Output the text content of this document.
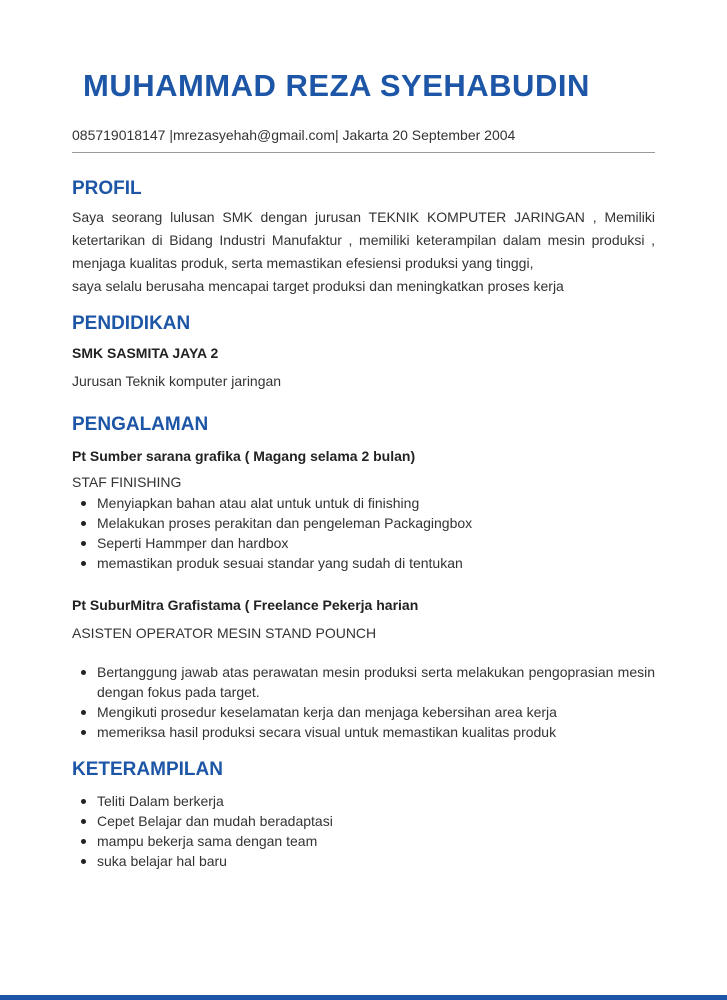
MUHAMMAD REZA SYEHABUDIN
085719018147 |mrezasyehah@gmail.com| Jakarta 20 September 2004
PROFIL

Saya seorang lulusan SMK dengan jurusan TEKNIK KOMPUTER JARINGAN , Memiliki ketertarikan di Bidang Industri Manufaktur , memiliki keterampilan dalam mesin produksi , menjaga kualitas produk, serta memastikan efesiensi produksi yang tinggi,

saya selalu berusaha mencapai target produksi dan meningkatkan proses kerja

PENDIDIKAN
SMK SASMITA JAYA 2
Jurusan Teknik komputer jaringan
PENGALAMAN
Pt Sumber sarana grafika ( Magang selama 2 bulan)
STAF FINISHING
Menyiapkan bahan atau alat untuk untuk di finishing
Melakukan proses perakitan dan pengeleman Packagingbox
Seperti Hammper dan hardbox
memastikan produk sesuai standar yang sudah di tentukan
Pt SuburMitra Grafistama ( Freelance Pekerja harian
ASISTEN OPERATOR MESIN STAND POUNCH
Bertanggung jawab atas perawatan mesin produksi serta melakukan pengoprasian mesin dengan fokus pada target.
Mengikuti prosedur keselamatan kerja dan menjaga kebersihan area kerja
memeriksa hasil produksi secara visual untuk memastikan kualitas produk
KETERAMPILAN
Teliti Dalam berkerja
Cepet Belajar dan mudah beradaptasi
mampu bekerja sama dengan team
suka belajar hal baru
